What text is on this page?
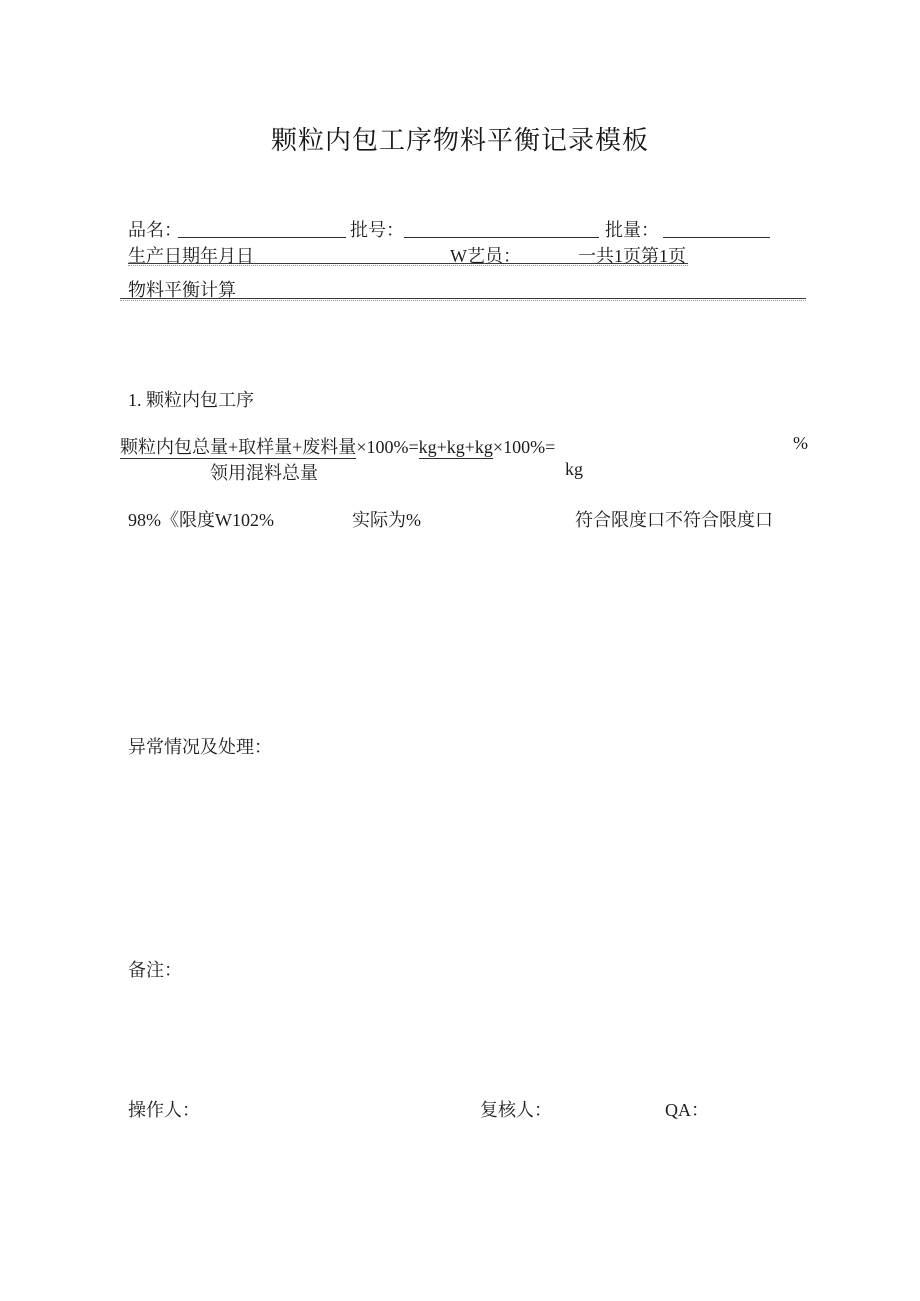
颗粒内包工序物料平衡记录模板
品名：	批号：	批量：
生产日期年月日	W艺员：	一共1页第1页
物料平衡计算
1. 颗粒内包工序
颗粒内包总量+取样量+废料量×100%=kg+kg+kg×100%=	%
领用混料总量	kg
98%《限度W102%	实际为%	符合限度口不符合限度口
异常情况及处理：
备注：
操作人：	复核人：	QA：
